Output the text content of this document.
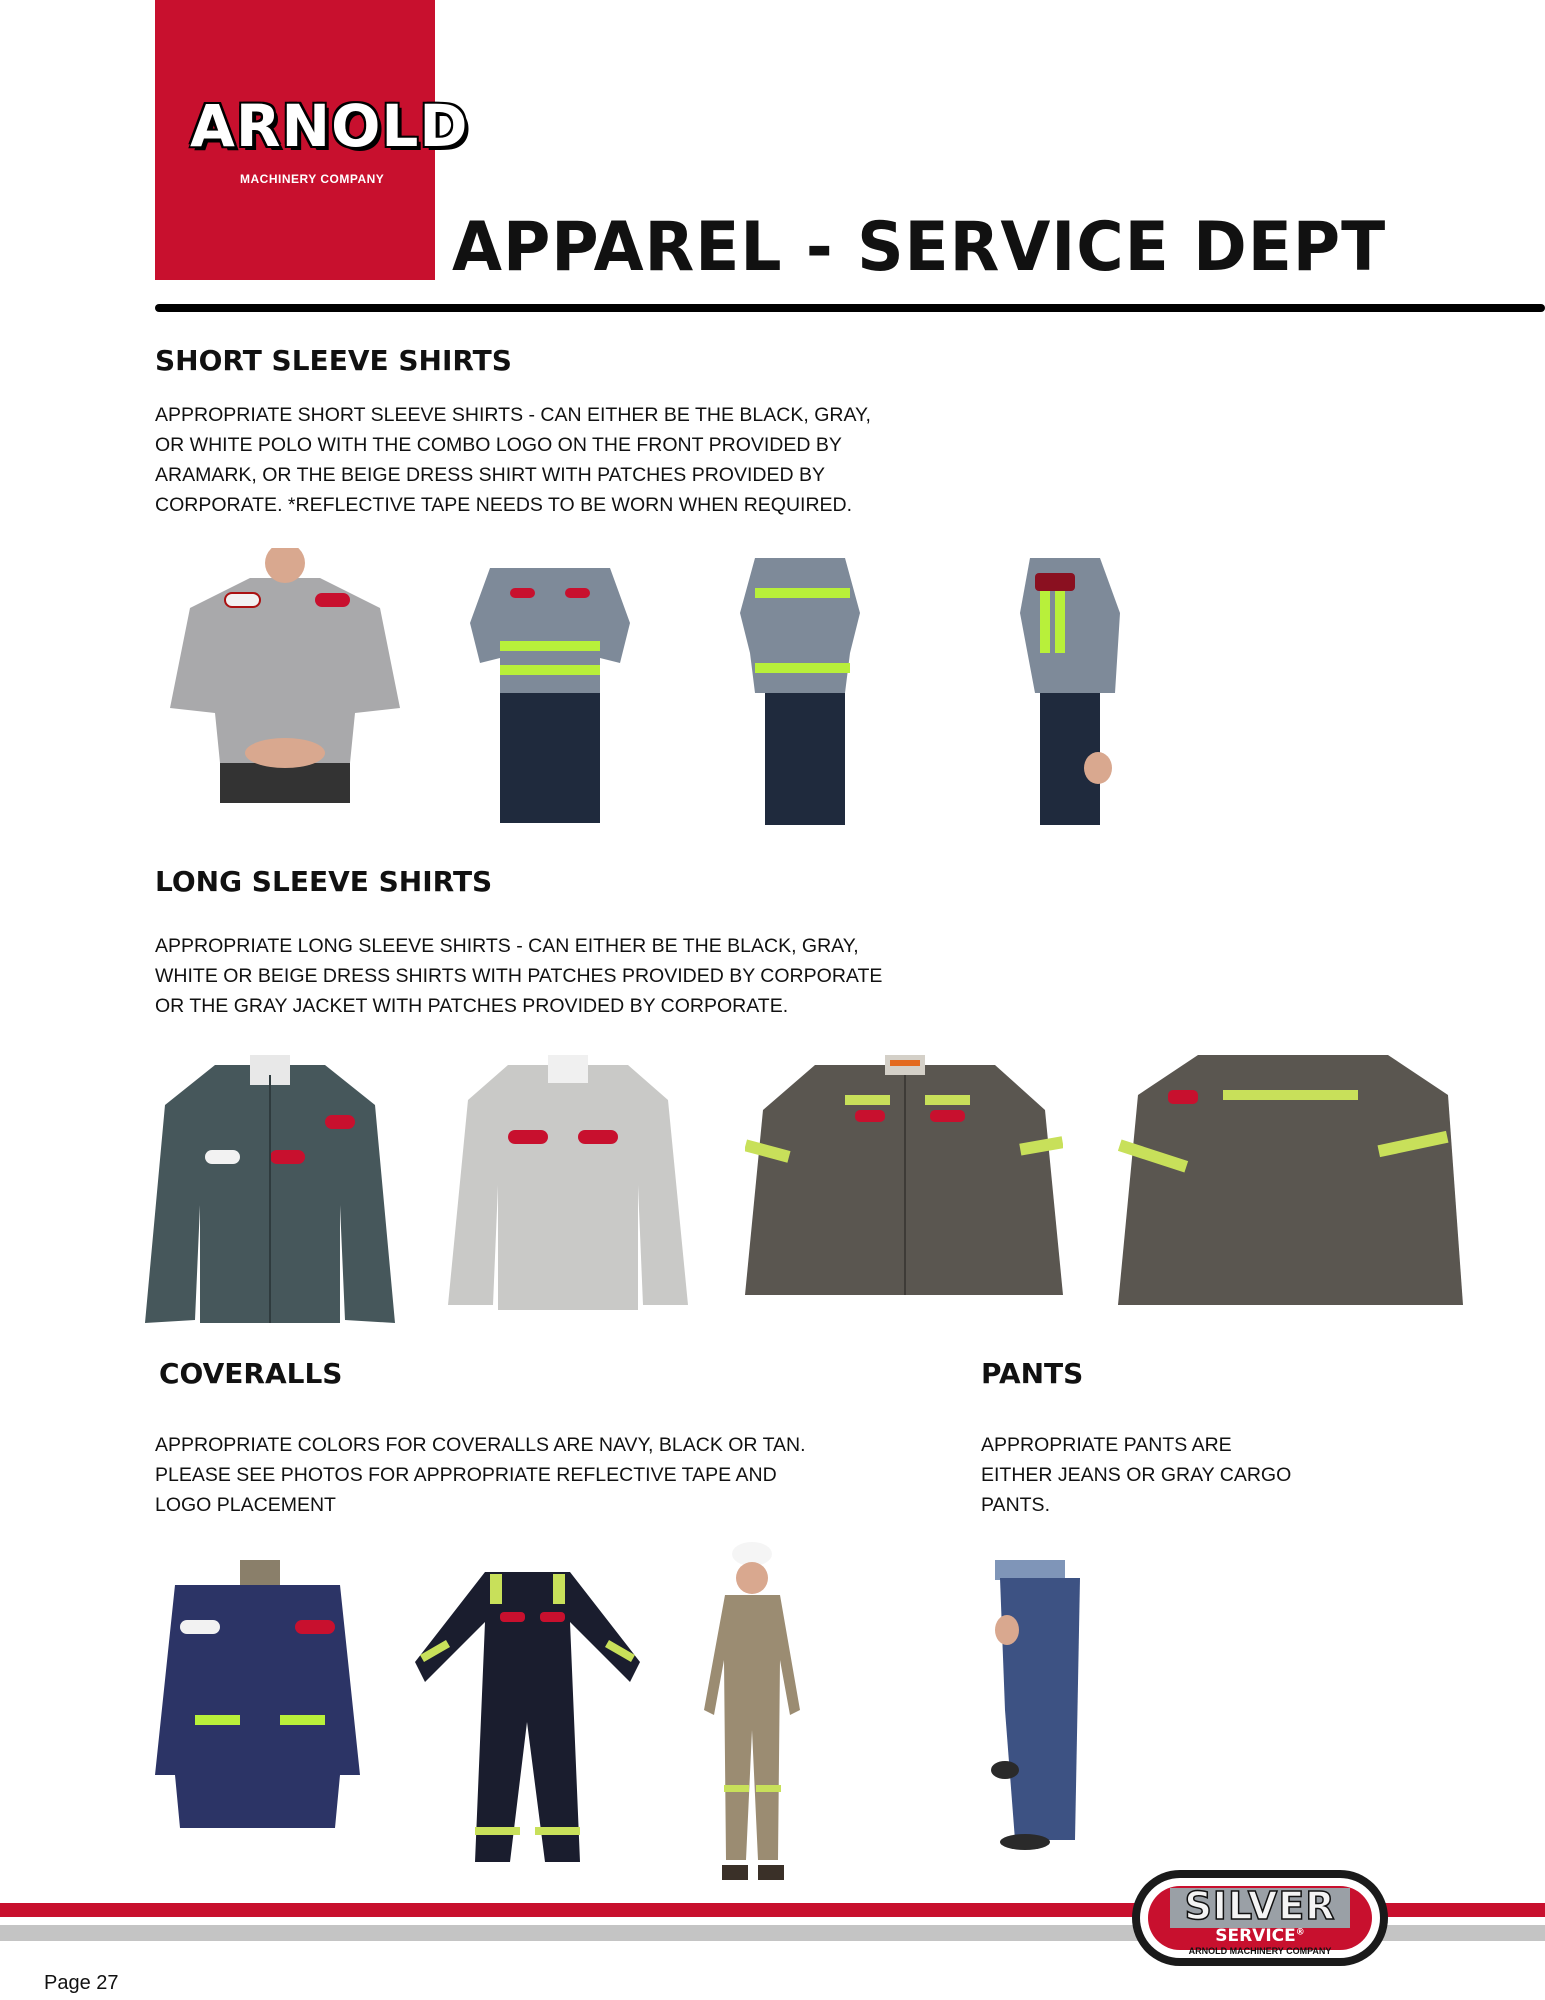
ARNOLD
MACHINERY COMPANY
APPAREL - SERVICE DEPT
SHORT SLEEVE SHIRTS
APPROPRIATE SHORT SLEEVE SHIRTS - CAN EITHER BE THE BLACK, GRAY, OR WHITE POLO WITH THE COMBO LOGO ON THE FRONT PROVIDED BY ARAMARK, OR THE BEIGE DRESS SHIRT WITH PATCHES PROVIDED BY CORPORATE. *REFLECTIVE TAPE NEEDS TO BE WORN WHEN REQUIRED.
LONG SLEEVE SHIRTS
APPROPRIATE LONG SLEEVE SHIRTS - CAN EITHER BE THE BLACK, GRAY, WHITE OR BEIGE DRESS SHIRTS WITH PATCHES PROVIDED BY CORPORATE OR THE GRAY JACKET WITH PATCHES PROVIDED BY CORPORATE.
COVERALLS
APPROPRIATE COLORS FOR COVERALLS ARE NAVY, BLACK OR TAN. PLEASE SEE PHOTOS FOR APPROPRIATE REFLECTIVE TAPE AND LOGO PLACEMENT
PANTS
APPROPRIATE PANTS ARE EITHER JEANS OR GRAY CARGO PANTS.
SILVER
SERVICE®
ARNOLD MACHINERY COMPANY
Page 27
